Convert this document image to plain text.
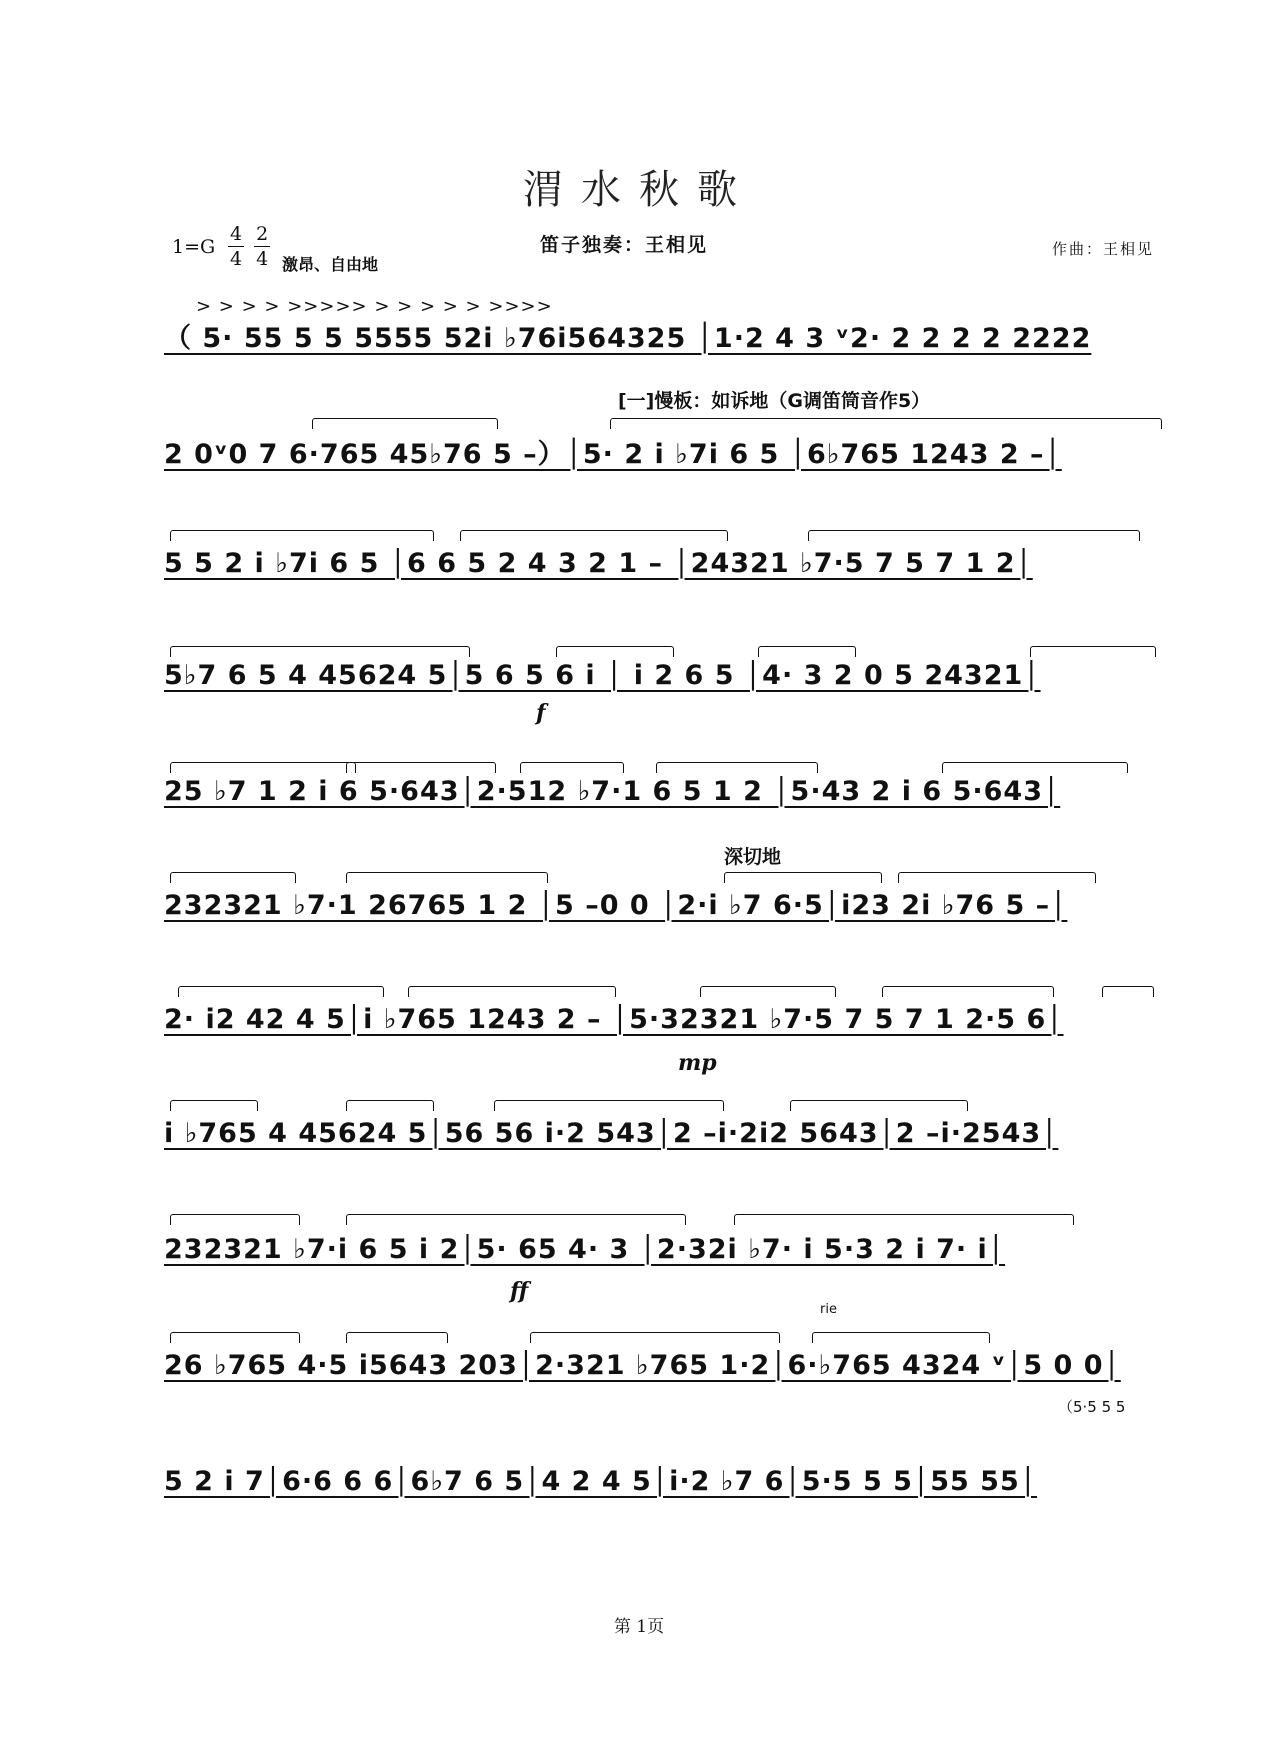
渭水秋歌
$1=G \frac{4}{4} \frac{2}{4}$ 激昂、自由地
笛子独奏：王相见	作曲：王相见
> > > > >>>>> > > > > > >>>>
（ 5· 55 5 5 5555 52i ♭76i564325 │1·2 4 3 ᵛ2· 2 2 2 2 2222
[一]慢板：如诉地（G调笛筒音作5）
2 0ᵛ0 7 6·765 45♭76 5 –）│5· 2 i ♭7i 6 5 │6♭765 1243 2 –│
5 5 2 i ♭7i 6 5 │6 6 5 2 4 3 2 1 – │24321 ♭7·5 7 5 7 1 2│
5♭7 6 5 4 45624 5│5 6 5 6 i │ i 2 6 5 │4· 3 2 0 5 24321│
f
25 ♭7 1 2 i 6 5·643│2·512 ♭7·1 6 5 1 2 │5·43 2 i 6 5·643│
深切地
232321 ♭7·1 26765 1 2 │5 –0 0 │2·i ♭7 6·5│i23 2i ♭76 5 –│
2· i2 42 4 5│i ♭765 1243 2 – │5·32321 ♭7·5 7 5 7 1 2·5 6│
mp
i ♭765 4 45624 5│56 56 i·2 543│2 –i·2i2 5643│2 –i·2543│
232321 ♭7·i 6 5 i 2│5· 65 4· 3 │2·32i ♭7· i 5·3 2 i 7· i│
ff
rie
26 ♭765 4·5 i5643 203│2·321 ♭765 1·2│6·♭765 4324 ᵛ│5 0 0│
（5·5 5 5
5 2 i 7│6·6 6 6│6♭7 6 5│4 2 4 5│i·2 ♭7 6│5·5 5 5│55 55│
第 1页
